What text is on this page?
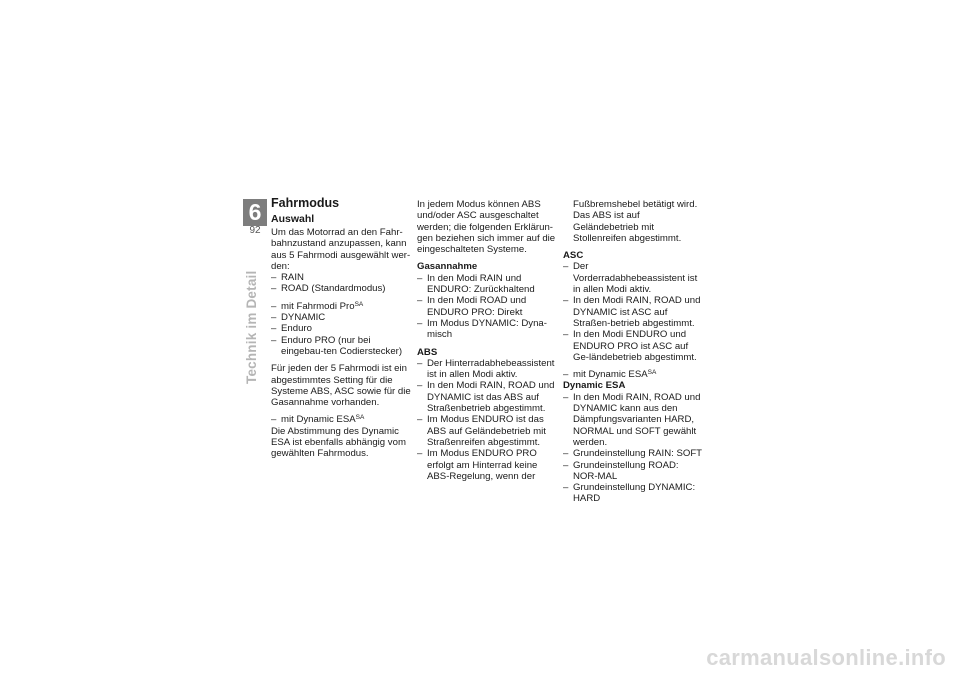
6
92
Technik im Detail
Fahrmodus
Auswahl

Um das Motorrad an den Fahr-bahnzustand anzupassen, kann aus 5 Fahrmodi ausgewählt wer-den:

– RAIN
– ROAD (Standardmodus)
– mit Fahrmodi Pro$^{SA}$
– DYNAMIC
– Enduro
– Enduro PRO (nur bei eingebau-ten Codierstecker)

Für jeden der 5 Fahrmodi ist ein abgestimmtes Setting für die Systeme ABS, ASC sowie für die Gasannahme vorhanden.

– mit Dynamic $ESA^{SA}$

Die Abstimmung des Dynamic ESA ist ebenfalls abhängig vom gewählten Fahrmodus.

In jedem Modus können ABS und/oder ASC ausgeschaltet werden; die folgenden Erklärun-gen beziehen sich immer auf die eingeschalteten Systeme.

Gasannahme
– In den Modi RAIN und ENDURO: Zurückhaltend
– In den Modi ROAD und ENDURO PRO: Direkt
– Im Modus DYNAMIC: Dyna-misch
ABS
– Der Hinterradabhebeassistent ist in allen Modi aktiv.
– In den Modi RAIN, ROAD und DYNAMIC ist das ABS auf Straßenbetrieb abgestimmt.
– Im Modus ENDURO ist das ABS auf Geländebetrieb mit Straßenreifen abgestimmt.
– Im Modus ENDURO PRO erfolgt am Hinterrad keine ABS-Regelung, wenn der

Fußbremshebel betätigt wird. Das ABS ist auf Geländebetrieb mit Stollenreifen abgestimmt.

ASC
– Der Vorderradabhebeassistent ist in allen Modi aktiv.
– In den Modi RAIN, ROAD und DYNAMIC ist ASC auf Straßen-betrieb abgestimmt.
– In den Modi ENDURO und ENDURO PRO ist ASC auf Ge-ländebetrieb abgestimmt.
– mit Dynamic $ESA^{SA}$
Dynamic ESA
– In den Modi RAIN, ROAD und DYNAMIC kann aus den Dämpfungsvarianten HARD, NORMAL und SOFT gewählt werden.
– Grundeinstellung RAIN: SOFT
– Grundeinstellung ROAD: NOR-MAL
– Grundeinstellung DYNAMIC: HARD
carmanualsonline.info
